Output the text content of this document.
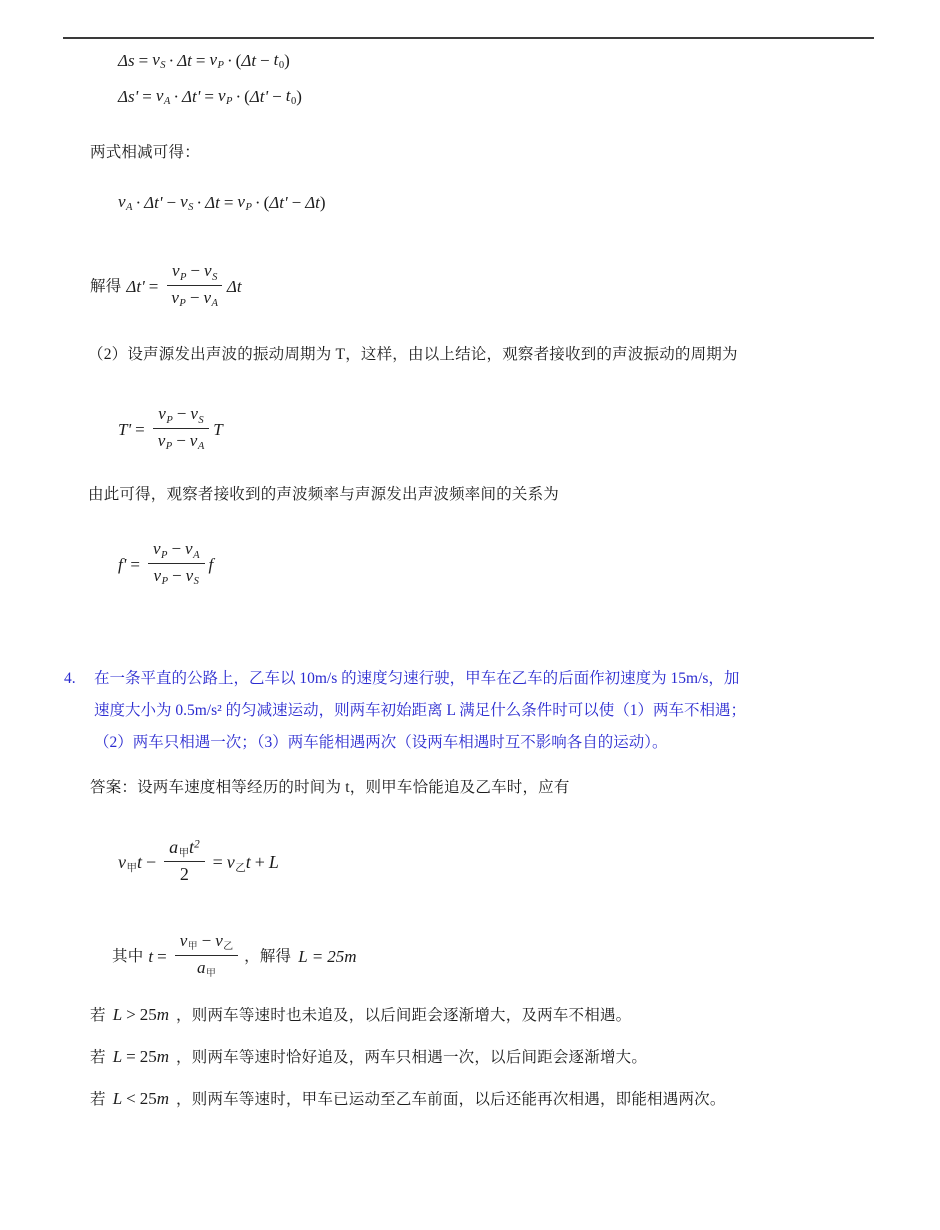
$\Delta s = v_S \cdot \Delta t = v_P$ · ( $\Delta t - t_0$ )
$\Delta s' = v_A \cdot \Delta t' = v_P$ · ( $\Delta t' - t_0$ )
两式相减可得：
$v_A \cdot \Delta t' - v_S \cdot \Delta t = v_P$ · ( Δt' − Δt )
解得 $\Delta t' = \frac{v_P - v_S}{v_P - v_A}$ Δt
（2）设声源发出声波的振动周期为 T，这样，由以上结论，观察者接收到的声波振动的周期为
$T' = \frac{v_P - v_S}{v_P - v_A}$ T
由此可得，观察者接收到的声波频率与声源发出声波频率间的关系为
$f' = \frac{v_P - v_A}{v_P - v_S}$ f
4.	在一条平直的公路上，乙车以 10m/s 的速度匀速行驶，甲车在乙车的后面作初速度为 15m/s，加
速度大小为 0.5m/s² 的匀减速运动，则两车初始距离 L 满足什么条件时可以使（1）两车不相遇；
（2）两车只相遇一次；（3）两车能相遇两次（设两车相遇时互不影响各自的运动）。
答案：设两车速度相等经历的时间为 t，则甲车恰能追及乙车时，应有
$v_甲t - \frac{a_甲t^2}{2} = v_乙t + L$
其中 $t = \frac{v_甲 - v_乙}{a_甲}$ ，解得 L = 25m
若 L > 25 m ，则两车等速时也未追及，以后间距会逐渐增大，及两车不相遇。
若 L = 25 m ，则两车等速时恰好追及，两车只相遇一次，以后间距会逐渐增大。
若 L < 25 m ，则两车等速时，甲车已运动至乙车前面，以后还能再次相遇，即能相遇两次。
